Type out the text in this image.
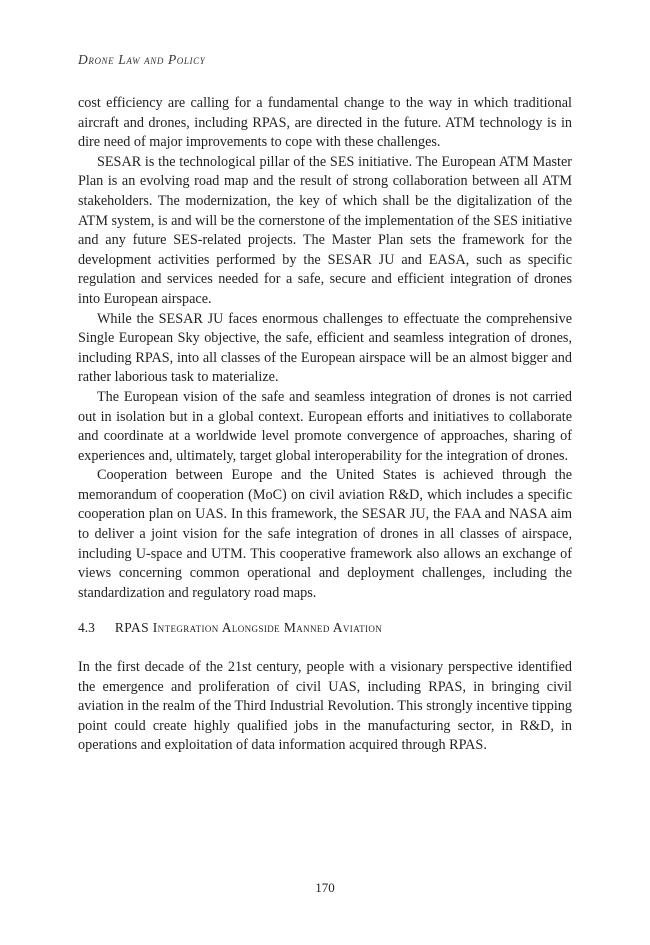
Drone Law and Policy

cost efficiency are calling for a fundamental change to the way in which traditional aircraft and drones, including RPAS, are directed in the future. ATM technology is in dire need of major improvements to cope with these challenges.

SESAR is the technological pillar of the SES initiative. The European ATM Master Plan is an evolving road map and the result of strong collaboration between all ATM stakeholders. The modernization, the key of which shall be the digitalization of the ATM system, is and will be the cornerstone of the implementation of the SES initiative and any future SES-related projects. The Master Plan sets the framework for the development activities performed by the SESAR JU and EASA, such as specific regulation and services needed for a safe, secure and efficient integration of drones into European airspace.

While the SESAR JU faces enormous challenges to effectuate the comprehensive Single European Sky objective, the safe, efficient and seamless integration of drones, including RPAS, into all classes of the European airspace will be an almost bigger and rather laborious task to materialize.

The European vision of the safe and seamless integration of drones is not carried out in isolation but in a global context. European efforts and initiatives to collaborate and coordinate at a worldwide level promote convergence of approaches, sharing of experiences and, ultimately, target global interoperability for the integration of drones.

Cooperation between Europe and the United States is achieved through the memorandum of cooperation (MoC) on civil aviation R&D, which includes a specific cooperation plan on UAS. In this framework, the SESAR JU, the FAA and NASA aim to deliver a joint vision for the safe integration of drones in all classes of airspace, including U-space and UTM. This cooperative framework also allows an exchange of views concerning common operational and deployment challenges, including the standardization and regulatory road maps.

4.3 RPAS Integration Alongside Manned Aviation

In the first decade of the 21st century, people with a visionary perspective identified the emergence and proliferation of civil UAS, including RPAS, in bringing civil aviation in the realm of the Third Industrial Revolution. This strongly incentive tipping point could create highly qualified jobs in the manufacturing sector, in R&D, in operations and exploitation of data information acquired through RPAS.

170
